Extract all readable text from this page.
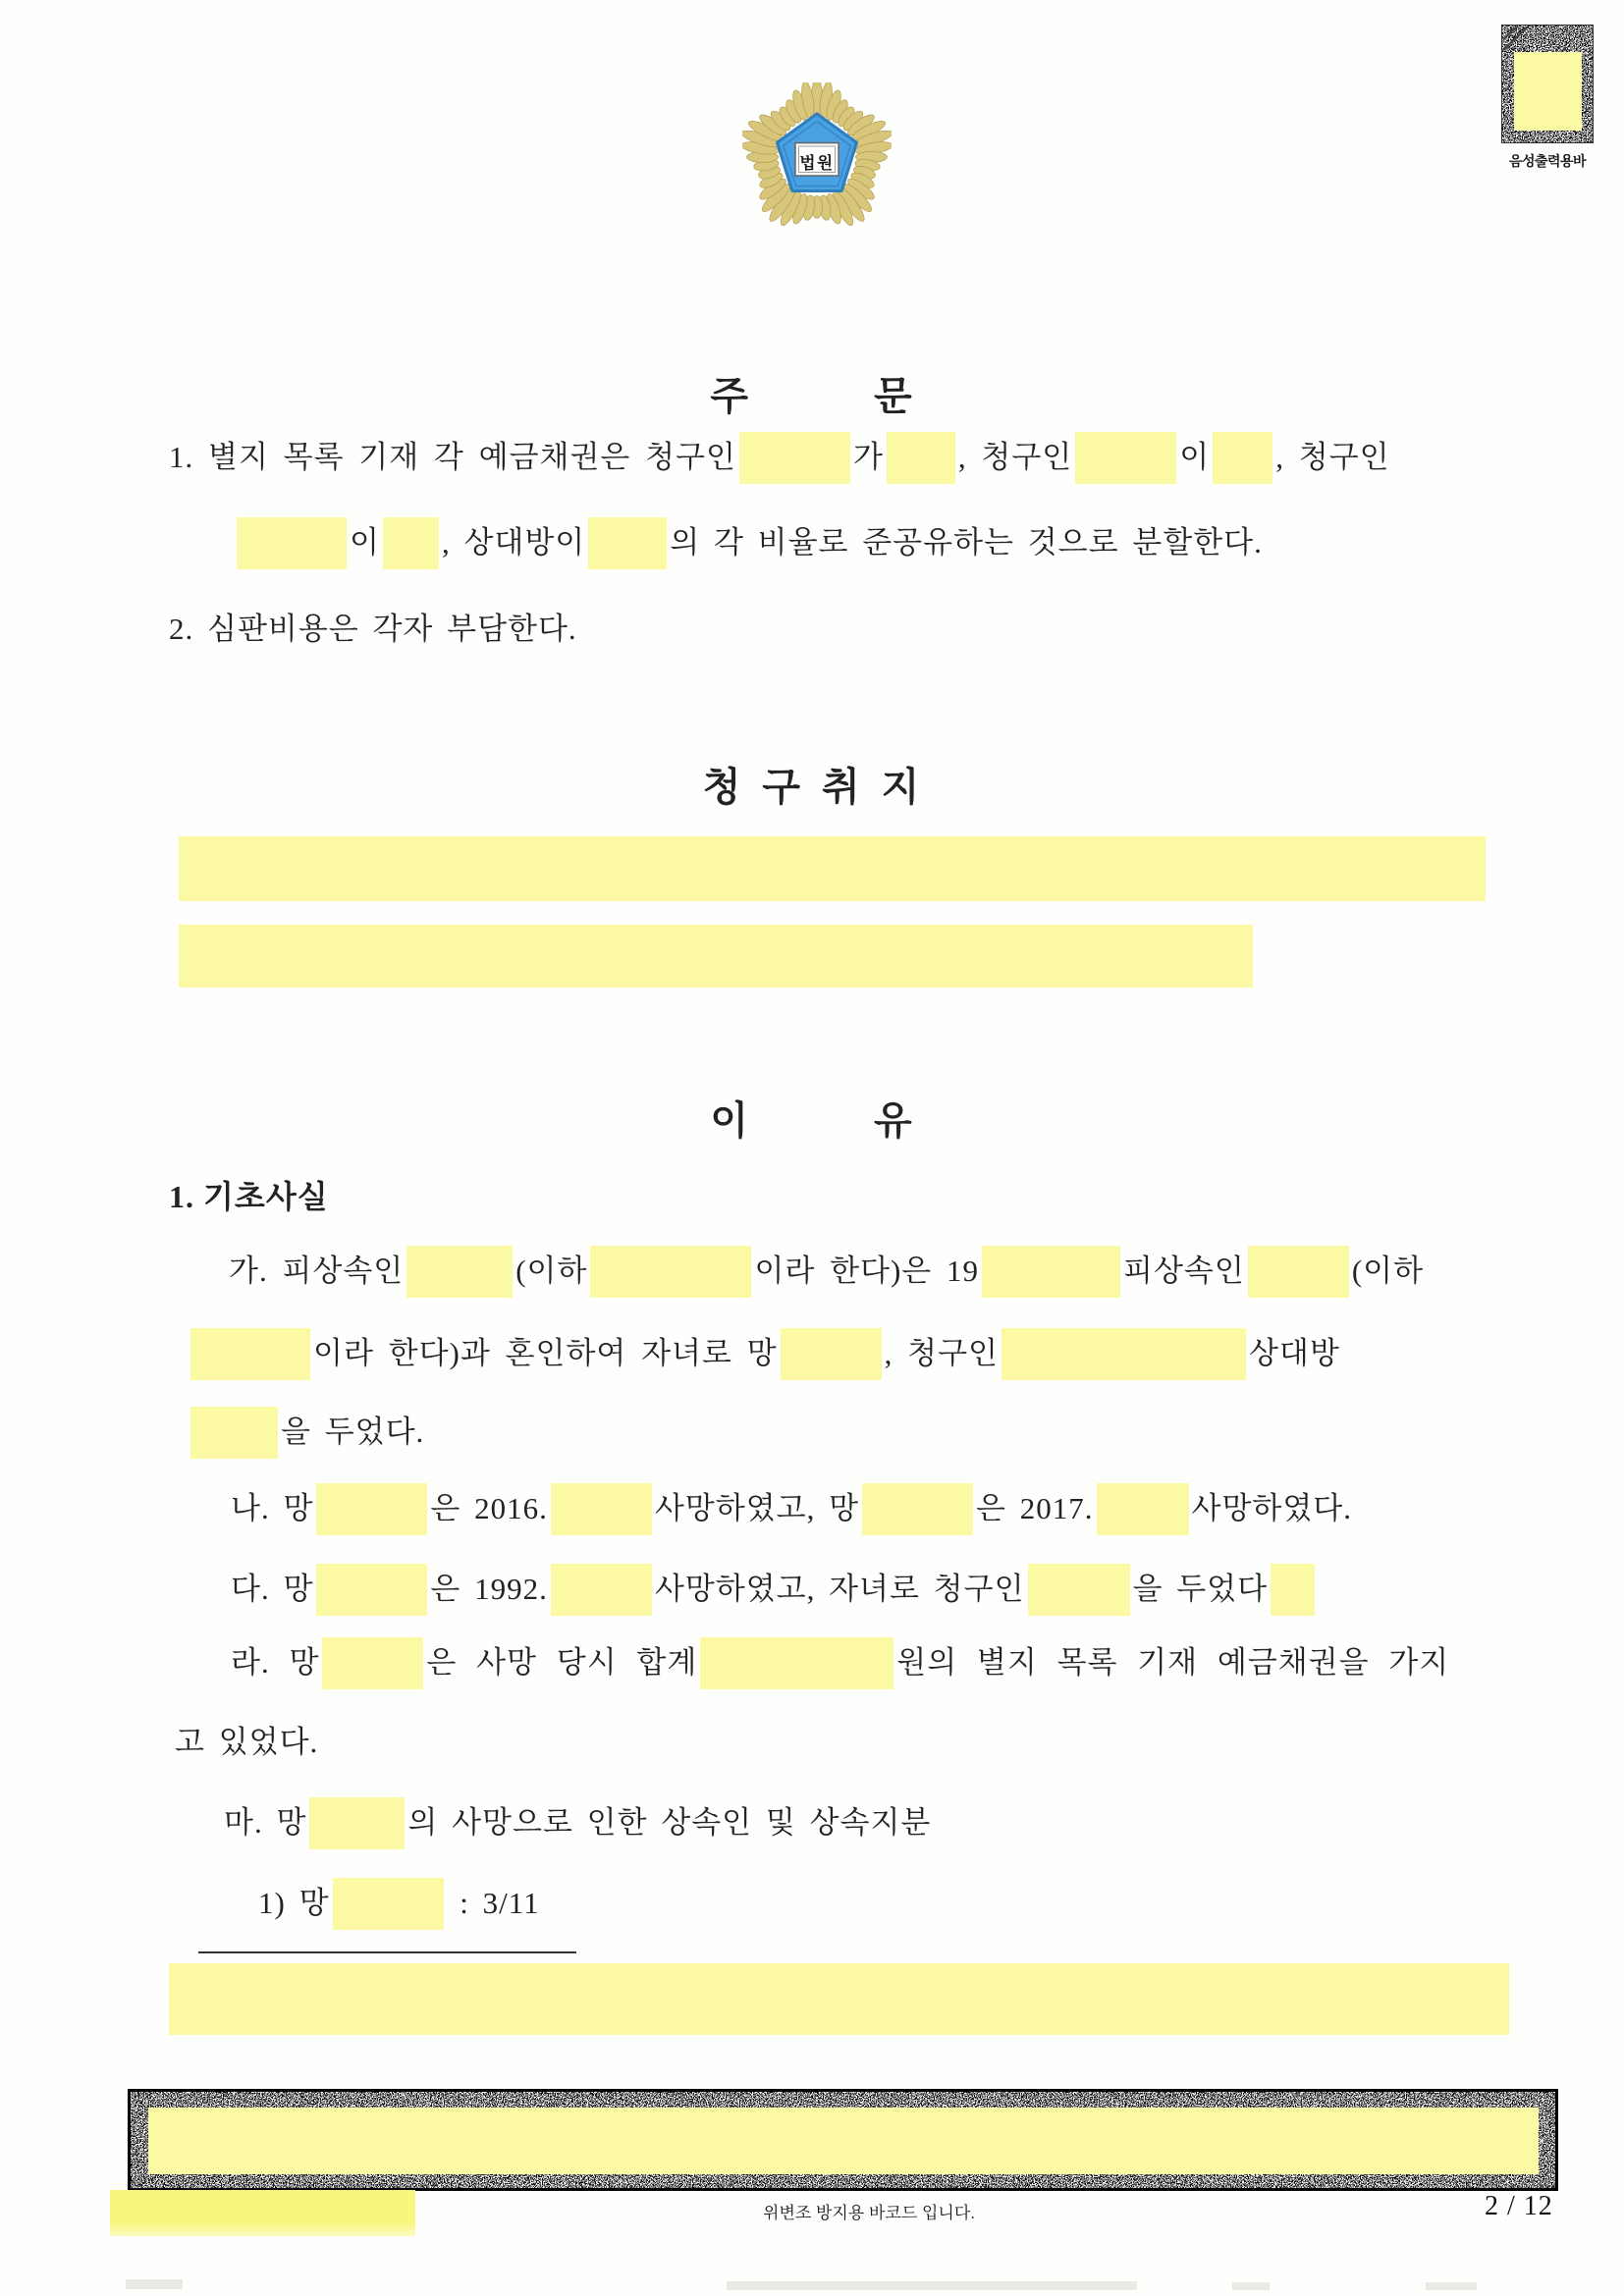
법원	음성출력용바
주   문
청 구 취 지
이   유
1. 기초사실
1. 별지 목록 기재 각 예금채권은 청구인	가 , 청구인	이 , 청구인
이 , 상대방이	의 각 비율로 준공유하는 것으로 분할한다.
2. 심판비용은 각자 부담한다.
가. 피상속인	(이하	이라 한다)은 19	피상속인	(이하
이라 한다)과 혼인하여 자녀로 망	, 청구인	상대방
을 두었다.
나. 망	은 2016.	사망하였고, 망	은 2017.	사망하였다.
다. 망	은 1992.	사망하였고, 자녀로 청구인	을 두었다
라. 망	은 사망 당시 합계	원의 별지 목록 기재 예금채권을 가지
고 있었다.
마. 망	의 사망으로 인한 상속인 및 상속지분
1) 망	: 3/11
위변조 방지용 바코드 입니다.	2 / 12
